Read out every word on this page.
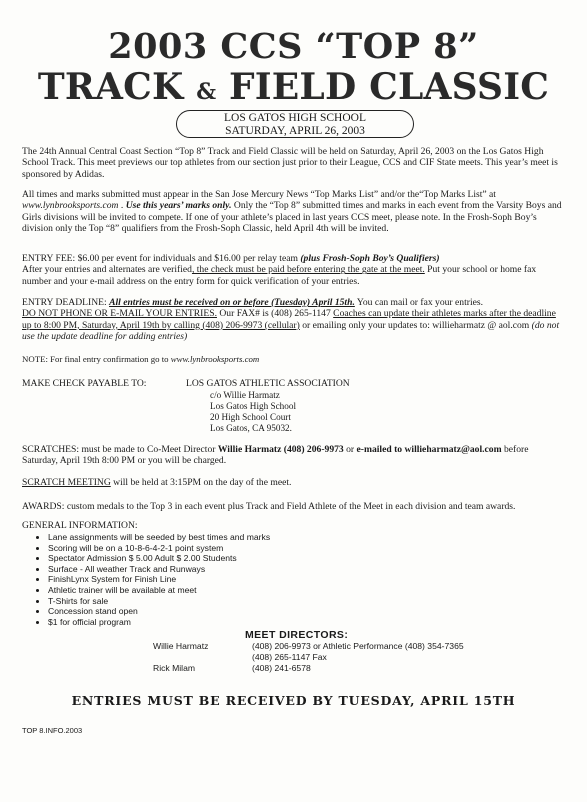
2003 CCS “TOP 8”
TRACK & FIELD CLASSIC
LOS GATOS HIGH SCHOOL
SATURDAY, APRIL 26, 2003

The 24th Annual Central Coast Section “Top 8” Track and Field Classic will be held on Saturday, April 26, 2003 on the Los Gatos High School Track. This meet previews our top athletes from our section just prior to their League, CCS and CIF State meets. This year’s meet is sponsored by Adidas.

All times and marks submitted must appear in the San Jose Mercury News “Top Marks List” and/or the“Top Marks List” at www.lynbrooksports.com . Use this years’ marks only. Only the “Top 8” submitted times and marks in each event from the Varsity Boys and Girls divisions will be invited to compete. If one of your athlete’s placed in last years CCS meet, please note. In the Frosh-Soph Boy’s division only the Top “8” qualifiers from the Frosh-Soph Classic, held April 4th will be invited.

ENTRY FEE: $6.00 per event for individuals and $16.00 per relay team (plus Frosh-Soph Boy’s Qualifiers)
After your entries and alternates are verified, the check must be paid before entering the gate at the meet. Put your school or home fax number and your e-mail address on the entry form for quick verification of your entries.

ENTRY DEADLINE: All entries must be received on or before (Tuesday) April 15th. You can mail or fax your entries.
DO NOT PHONE OR E-MAIL YOUR ENTRIES. Our FAX# is (408) 265-1147 Coaches can update their athletes marks after the deadline up to 8:00 PM, Saturday, April 19th by calling (408) 206-9973 (cellular) or emailing only your updates to: willieharmatz @ aol.com (do not use the update deadline for adding entries)

NOTE: For final entry confirmation go to www.lynbrooksports.com

MAKE CHECK PAYABLE TO:	LOS GATOS ATHLETIC ASSOCIATION
c/o Willie Harmatz
Los Gatos High School
20 High School Court
Los Gatos, CA 95032.

SCRATCHES: must be made to Co-Meet Director Willie Harmatz (408) 206-9973 or e-mailed to willieharmatz@aol.com before Saturday, April 19th 8:00 PM or you will be charged.

SCRATCH MEETING will be held at 3:15PM on the day of the meet.

AWARDS: custom medals to the Top 3 in each event plus Track and Field Athlete of the Meet in each division and team awards.

GENERAL INFORMATION:

• Lane assignments will be seeded by best times and marks
• Scoring will be on a 10-8-6-4-2-1 point system
• Spectator Admission $ 5.00 Adult $ 2.00 Students
• Surface - All weather Track and Runways
• FinishLynx System for Finish Line
• Athletic trainer will be available at meet
• T-Shirts for sale
• Concession stand open
• $1 for official program
MEET DIRECTORS:
Willie Harmatz	(408) 206-9973 or Athletic Performance (408) 354-7365
(408) 265-1147 Fax
Rick Milam	(408) 241-6578
ENTRIES MUST BE RECEIVED BY TUESDAY, APRIL 15TH
TOP 8.INFO.2003
